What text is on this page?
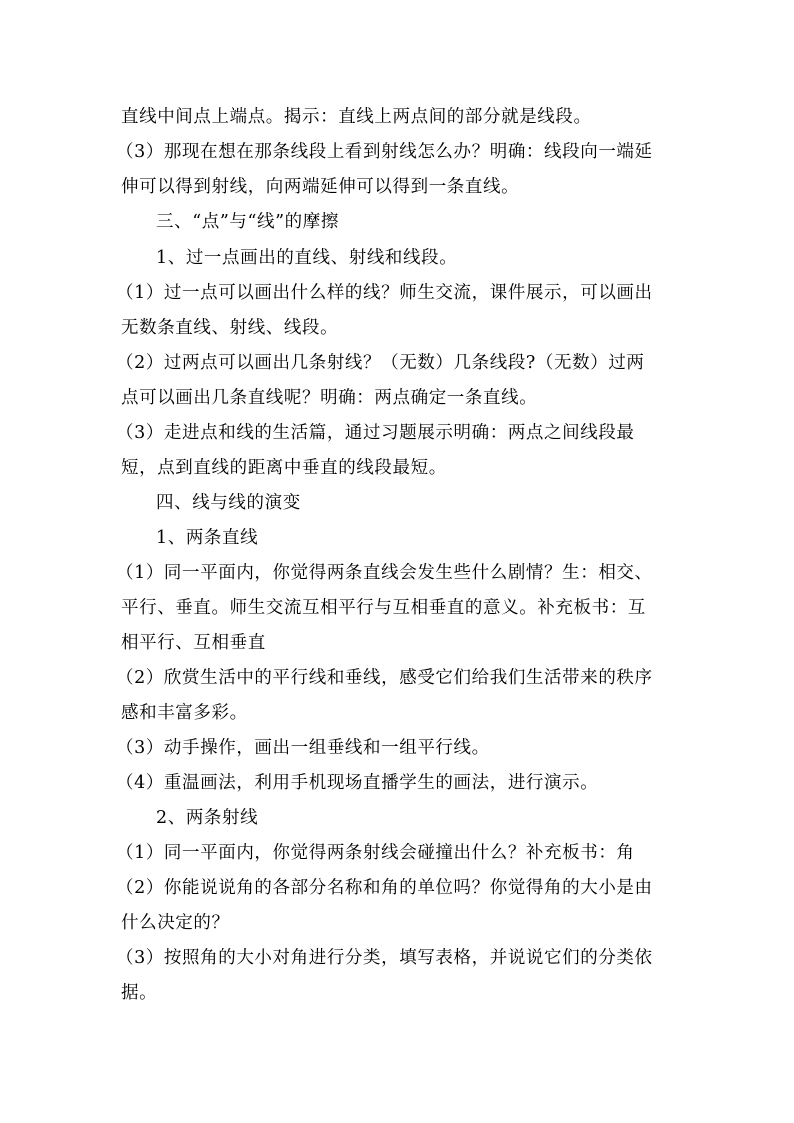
直线中间点上端点。揭示：直线上两点间的部分就是线段。
（3）那现在想在那条线段上看到射线怎么办？明确：线段向一端延
伸可以得到射线，向两端延伸可以得到一条直线。
三、“点”与“线”的摩擦
1、过一点画出的直线、射线和线段。
（1）过一点可以画出什么样的线？师生交流，课件展示，可以画出
无数条直线、射线、线段。
（2）过两点可以画出几条射线？（无数）几条线段?（无数）过两
点可以画出几条直线呢？明确：两点确定一条直线。
（3）走进点和线的生活篇，通过习题展示明确：两点之间线段最
短，点到直线的距离中垂直的线段最短。
四、线与线的演变
1、两条直线
（1）同一平面内，你觉得两条直线会发生些什么剧情？生：相交、
平行、垂直。师生交流互相平行与互相垂直的意义。补充板书：互
相平行、互相垂直
（2）欣赏生活中的平行线和垂线，感受它们给我们生活带来的秩序
感和丰富多彩。
（3）动手操作，画出一组垂线和一组平行线。
（4）重温画法，利用手机现场直播学生的画法，进行演示。
2、两条射线
（1）同一平面内，你觉得两条射线会碰撞出什么？补充板书：角
（2）你能说说角的各部分名称和角的单位吗？你觉得角的大小是由
什么决定的？
（3）按照角的大小对角进行分类，填写表格，并说说它们的分类依
据。
